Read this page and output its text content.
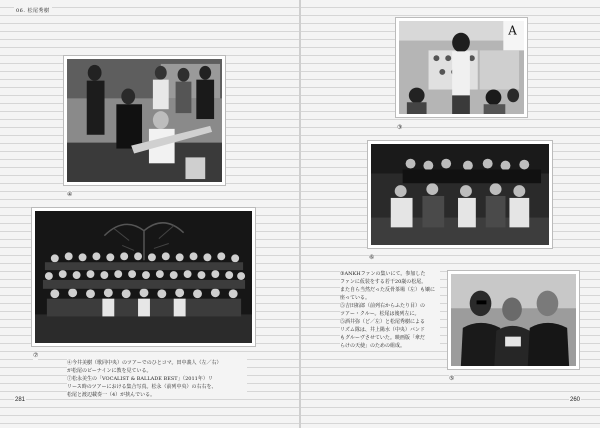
06. 松尾秀樹
④
⑦

④今井美樹（歌同中央）のツアーでのひとコマ。田中義人（左／右）

が松尾のビーナインに教を見ている。

⑦松永美生の「VOCALIST & BALLADE BEST」（2011年）リ

リース時のツアーにおける集合写真。松永（前列中央）の右右を、

松尾と渡辺載奏一（4）が挟んでいる。

281
A
③
⑥

③ANKHファンの集いにて。参加した

ファンに仮装をする若干20歳の松尾。

また自ら当然だった反骨茶場（左）も嬢に

座っている。

⑤吉田拓郎（前列右からふたり目）の

ツアー・クルー。松尾は後列左に。

⑤酒井弥（ど／左）と松尾秀樹による

リズム隊は、井上陽水（中央）バンド

もグルーヴさせていた。映画版「傘だ

らけの天使」のための組成。

⑤
260
